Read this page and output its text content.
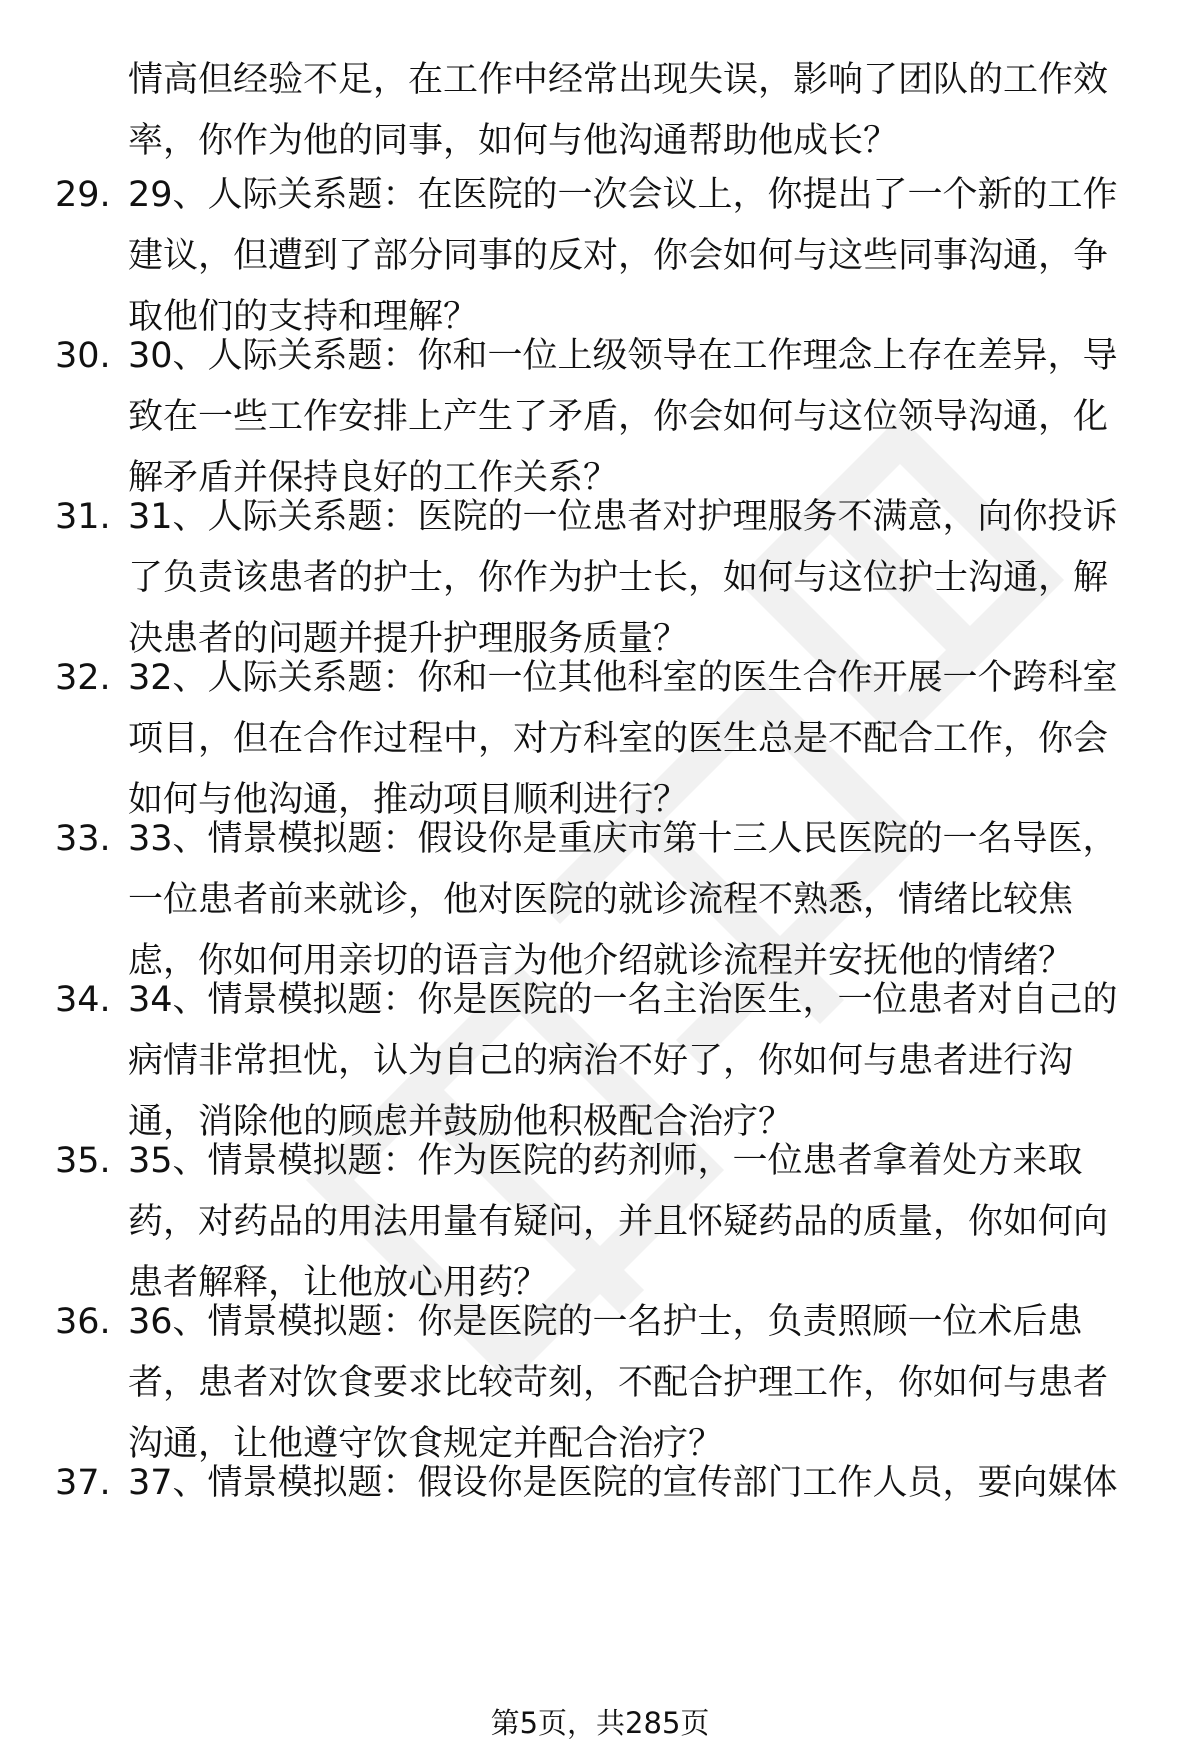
情高但经验不足，在工作中经常出现失误，影响了团队的工作效
率，你作为他的同事，如何与他沟通帮助他成长？
29. 29、人际关系题：在医院的一次会议上，你提出了一个新的工作
建议，但遭到了部分同事的反对，你会如何与这些同事沟通，争
取他们的支持和理解？
30. 30、人际关系题：你和一位上级领导在工作理念上存在差异，导
致在一些工作安排上产生了矛盾，你会如何与这位领导沟通，化
解矛盾并保持良好的工作关系？
31. 31、人际关系题：医院的一位患者对护理服务不满意，向你投诉
了负责该患者的护士，你作为护士长，如何与这位护士沟通，解
决患者的问题并提升护理服务质量？
32. 32、人际关系题：你和一位其他科室的医生合作开展一个跨科室
项目，但在合作过程中，对方科室的医生总是不配合工作，你会
如何与他沟通，推动项目顺利进行？
33. 33、情景模拟题：假设你是重庆市第十三人民医院的一名导医，
一位患者前来就诊，他对医院的就诊流程不熟悉，情绪比较焦
虑，你如何用亲切的语言为他介绍就诊流程并安抚他的情绪？
34. 34、情景模拟题：你是医院的一名主治医生，一位患者对自己的
病情非常担忧，认为自己的病治不好了，你如何与患者进行沟
通，消除他的顾虑并鼓励他积极配合治疗？
35. 35、情景模拟题：作为医院的药剂师，一位患者拿着处方来取
药，对药品的用法用量有疑问，并且怀疑药品的质量，你如何向
患者解释，让他放心用药？
36. 36、情景模拟题：你是医院的一名护士，负责照顾一位术后患
者，患者对饮食要求比较苛刻，不配合护理工作，你如何与患者
沟通，让他遵守饮食规定并配合治疗？
37. 37、情景模拟题：假设你是医院的宣传部门工作人员，要向媒体
第5页，共285页
